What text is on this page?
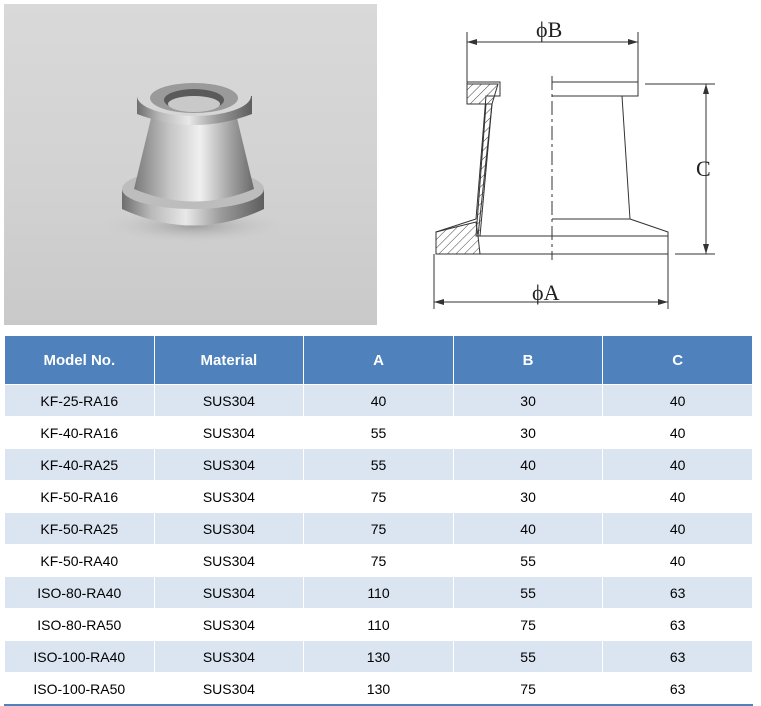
ϕB
ϕA
C
Model No.	Material	A	B	C
KF-25-RA16	SUS304	40	30	40
KF-40-RA16	SUS304	55	30	40
KF-40-RA25	SUS304	55	40	40
KF-50-RA16	SUS304	75	30	40
KF-50-RA25	SUS304	75	40	40
KF-50-RA40	SUS304	75	55	40
ISO-80-RA40	SUS304	110	55	63
ISO-80-RA50	SUS304	110	75	63
ISO-100-RA40	SUS304	130	55	63
ISO-100-RA50	SUS304	130	75	63
